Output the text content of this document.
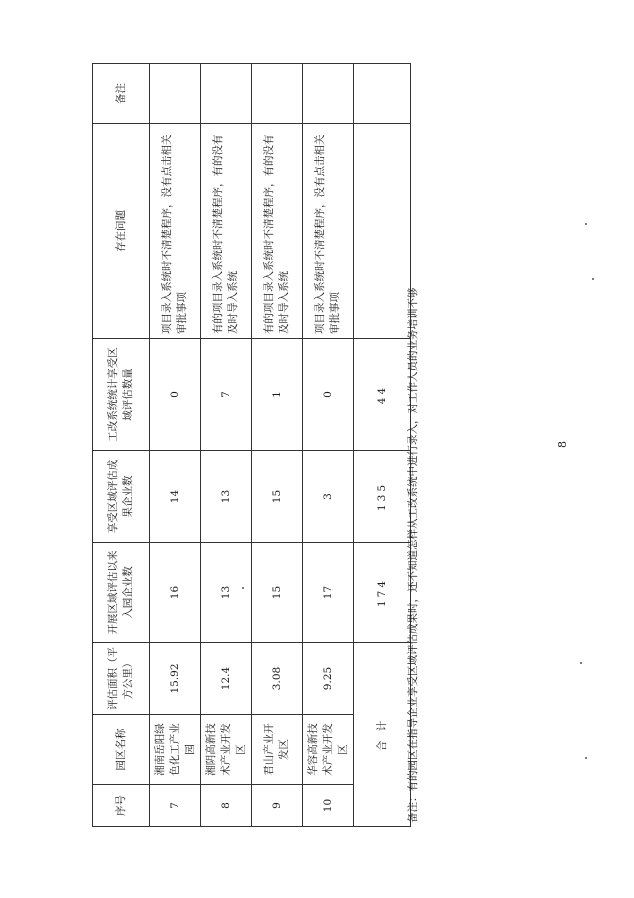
序号	园区名称	评估面积（平方公里）	开展区域评估以来入园企业数	享受区域评估成果企业数	工改系统统计享受区域评估数量	存在问题	备注
7	湘南岳阳绿色化工产业园	15.92	16	14	0	项目录入系统时不清楚程序，没有点击相关审批事项	
8	湘阴高新技术产业开发区	12.4	13	13	7	有的项目录入系统时不清楚程序，有的没有及时导入系统	
9	君山产业开发区	3.08	15	15	1	有的项目录入系统时不清楚程序，有的没有及时导入系统	
10	华容高新技术产业开发区	9.25	17	3	0	项目录入系统时不清楚程序，没有点击相关审批事项	
合 计			174	135	44		备注：有的园区在指导企业享受区域评估成果时，还不知道怎样从工改系统中进行录入，对工作人员的业务培训不够	8
